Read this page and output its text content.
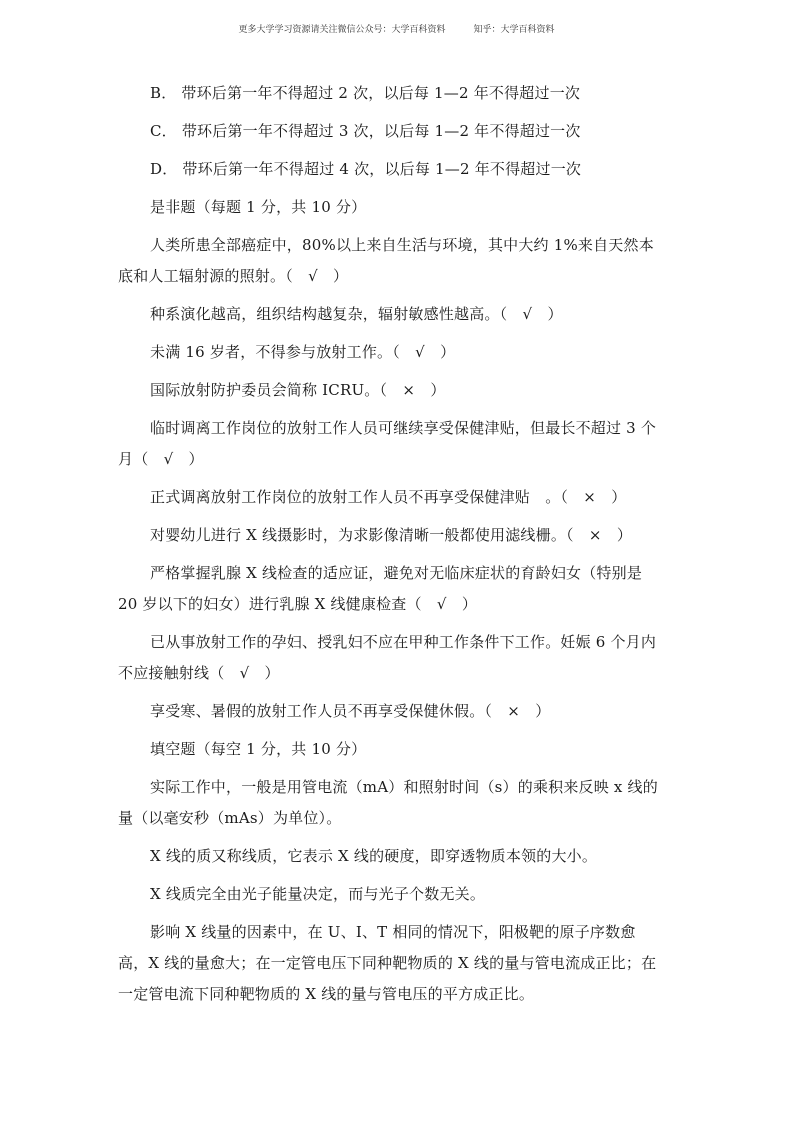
更多大学学习资源请关注微信公众号：大学百科资料	知乎：大学百科资料

B． 带环后第一年不得超过 2 次，以后每 1—2 年不得超过一次

C． 带环后第一年不得超过 3 次，以后每 1—2 年不得超过一次

D． 带环后第一年不得超过 4 次，以后每 1—2 年不得超过一次

是非题（每题 1 分，共 10 分）

人类所患全部癌症中，80%以上来自生活与环境，其中大约 1%来自天然本底和人工辐射源的照射。（　√　）

种系演化越高，组织结构越复杂，辐射敏感性越高。（　√　）

未满 16 岁者，不得参与放射工作。（　√　）

国际放射防护委员会简称 ICRU。（　×　）

临时调离工作岗位的放射工作人员可继续享受保健津贴，但最长不超过 3 个月（　√　）

正式调离放射工作岗位的放射工作人员不再享受保健津贴　。（　×　）

对婴幼儿进行 X 线摄影时，为求影像清晰一般都使用滤线栅。（　×　）

严格掌握乳腺 X 线检查的适应证，避免对无临床症状的育龄妇女（特别是 20 岁以下的妇女）进行乳腺 X 线健康检查（　√　）

已从事放射工作的孕妇、授乳妇不应在甲种工作条件下工作。妊娠 6 个月内不应接触射线（　√　）

享受寒、暑假的放射工作人员不再享受保健休假。（　×　）

填空题（每空 1 分，共 10 分）

实际工作中，一般是用管电流（mA）和照射时间（s）的乘积来反映 x 线的量（以毫安秒（mAs）为单位）。

X 线的质又称线质，它表示 X 线的硬度，即穿透物质本领的大小。

X 线质完全由光子能量决定，而与光子个数无关。

影响 X 线量的因素中，在 U、I、T 相同的情况下，阳极靶的原子序数愈高，X 线的量愈大；在一定管电压下同种靶物质的 X 线的量与管电流成正比；在一定管电流下同种靶物质的 X 线的量与管电压的平方成正比。
